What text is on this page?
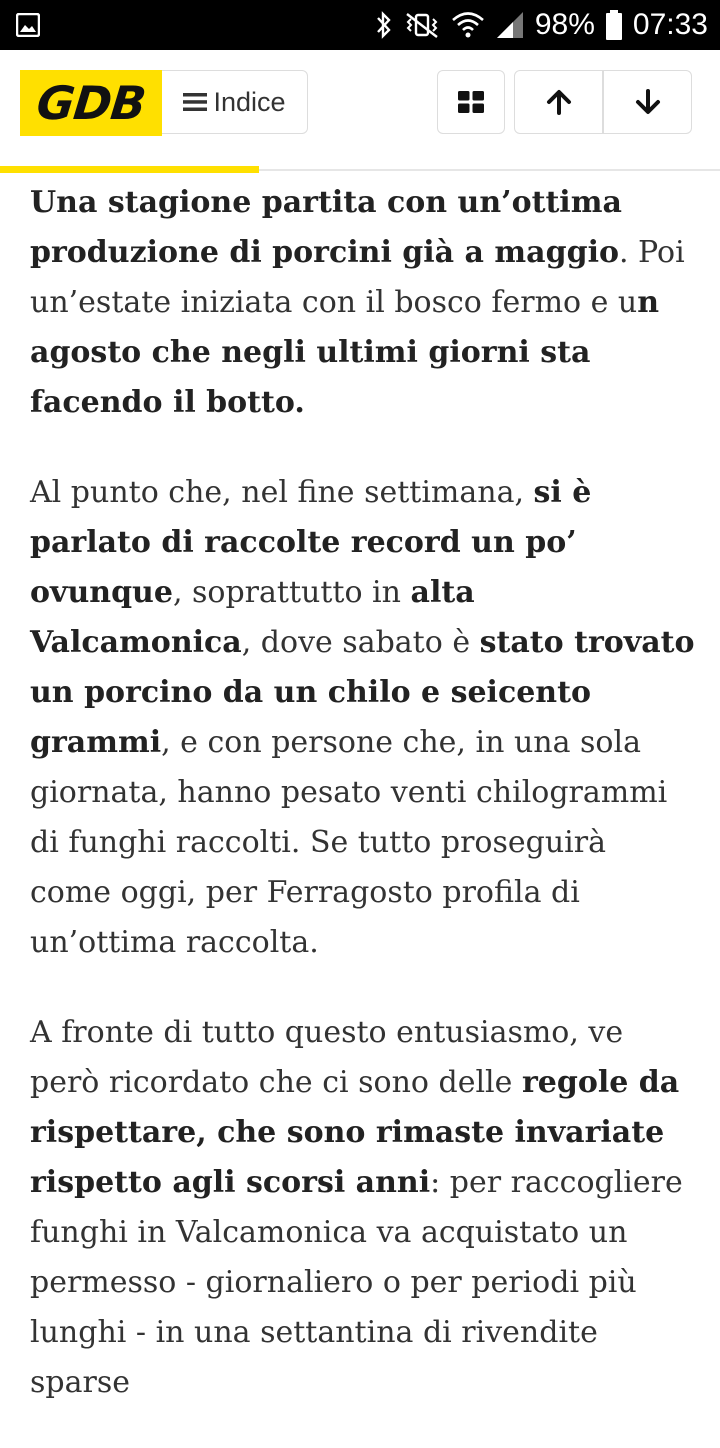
98% 07:33
GDB Indice

Una stagione partita con un’ottima produzione di porcini già a maggio. Poi un’estate iniziata con il bosco fermo e un agosto che negli ultimi giorni sta facendo il botto.

Al punto che, nel fine settimana, si è parlato di raccolte record un po’ ovunque, soprattutto in alta Valcamonica, dove sabato è stato trovato un porcino da un chilo e seicento grammi, e con persone che, in una sola giornata, hanno pesato venti chilogrammi di funghi raccolti. Se tutto proseguirà come oggi, per Ferragosto profila di un’ottima raccolta.

A fronte di tutto questo entusiasmo, ve però ricordato che ci sono delle regole da rispettare, che sono rimaste invariate rispetto agli scorsi anni: per raccogliere funghi in Valcamonica va acquistato un permesso - giornaliero o per periodi più lunghi - in una settantina di rivendite sparse
